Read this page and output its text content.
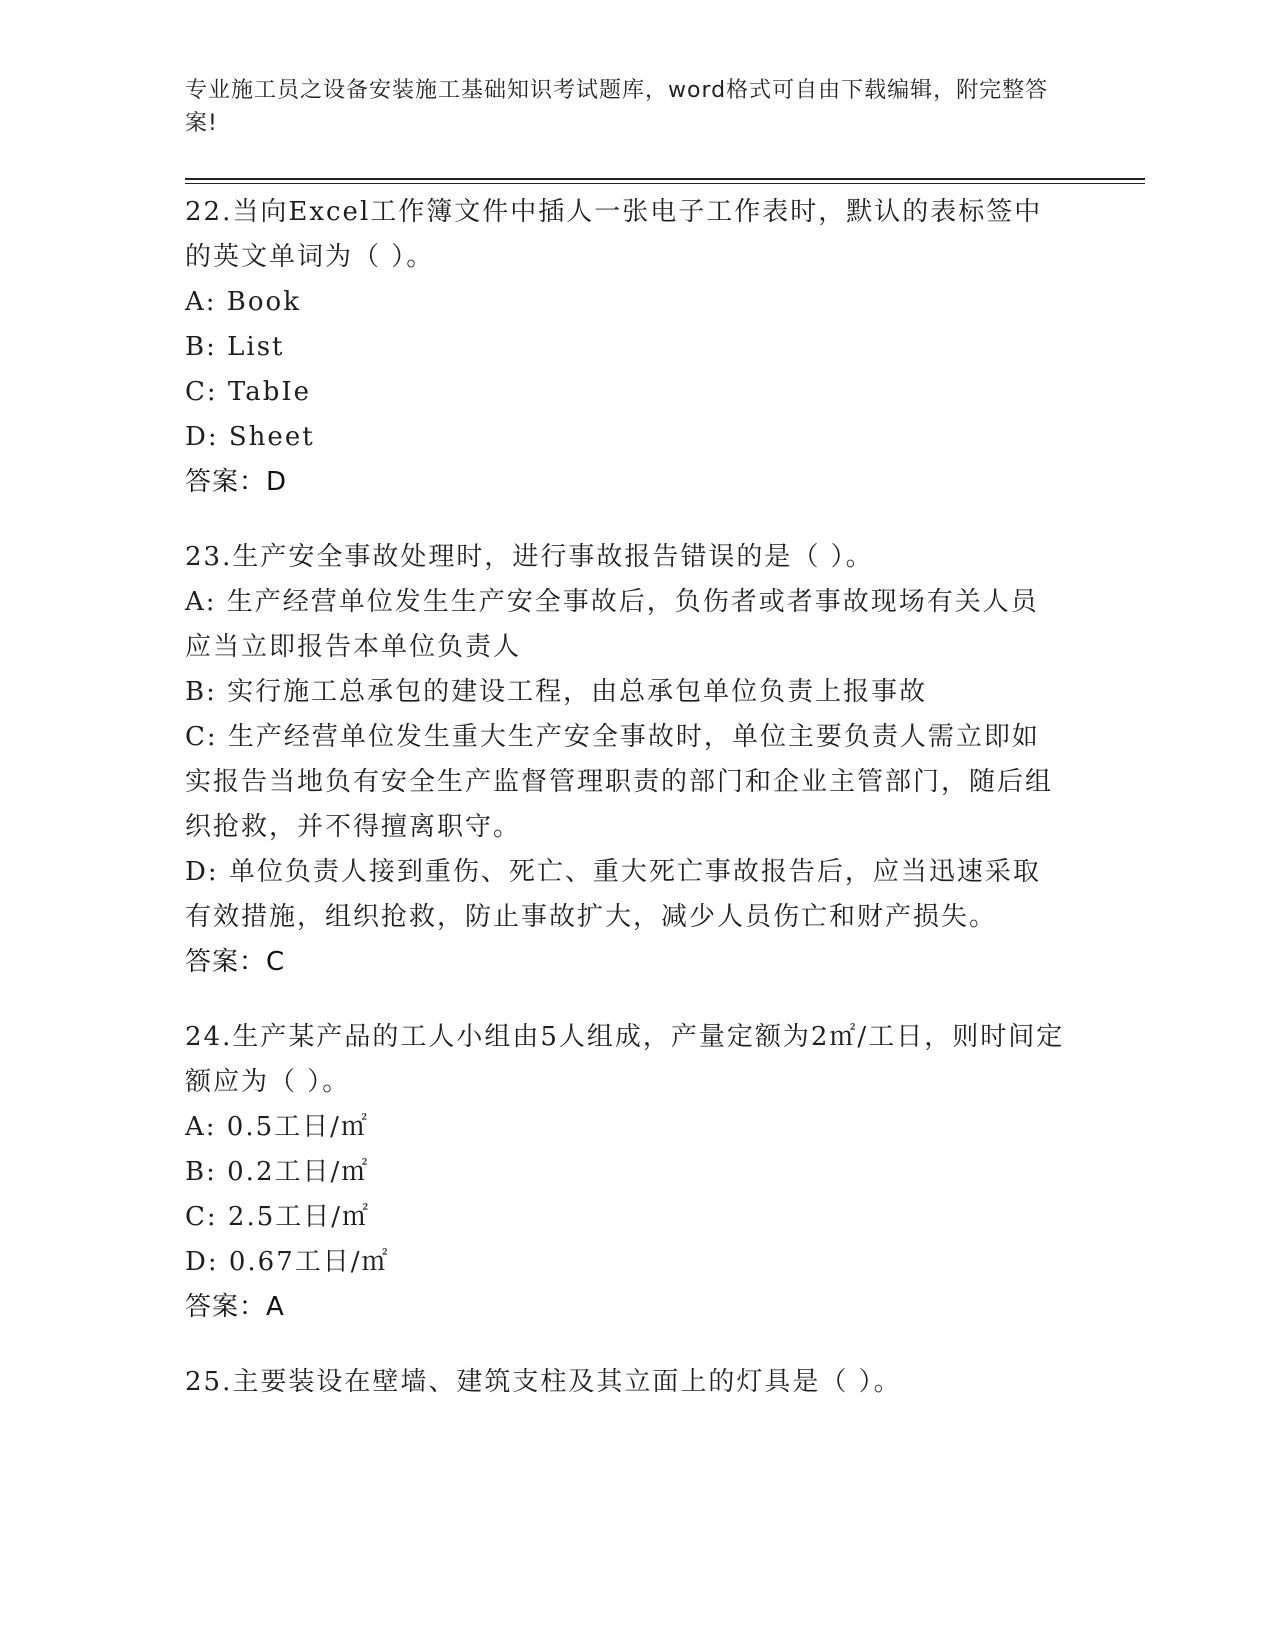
专业施工员之设备安装施工基础知识考试题库，word格式可自由下载编辑，附完整答案!

22.当向Excel工作簿文件中插人一张电子工作表时，默认的表标签中的英文单词为（ ）。

A: Book

B: List

C: TabIe

D: Sheet

答案：D

23.生产安全事故处理时，进行事故报告错误的是（ ）。

A: 生产经营单位发生生产安全事故后，负伤者或者事故现场有关人员应当立即报告本单位负责人

B: 实行施工总承包的建设工程，由总承包单位负责上报事故

C: 生产经营单位发生重大生产安全事故时，单位主要负责人需立即如实报告当地负有安全生产监督管理职责的部门和企业主管部门，随后组织抢救，并不得擅离职守。

D: 单位负责人接到重伤、死亡、重大死亡事故报告后，应当迅速采取有效措施，组织抢救，防止事故扩大，减少人员伤亡和财产损失。

答案：C

24.生产某产品的工人小组由5人组成，产量定额为2㎡/工日，则时间定额应为（ ）。

A: 0.5工日/㎡

B: 0.2工日/㎡

C: 2.5工日/㎡

D: 0.67工日/㎡

答案：A

25.主要装设在壁墙、建筑支柱及其立面上的灯具是（ ）。
